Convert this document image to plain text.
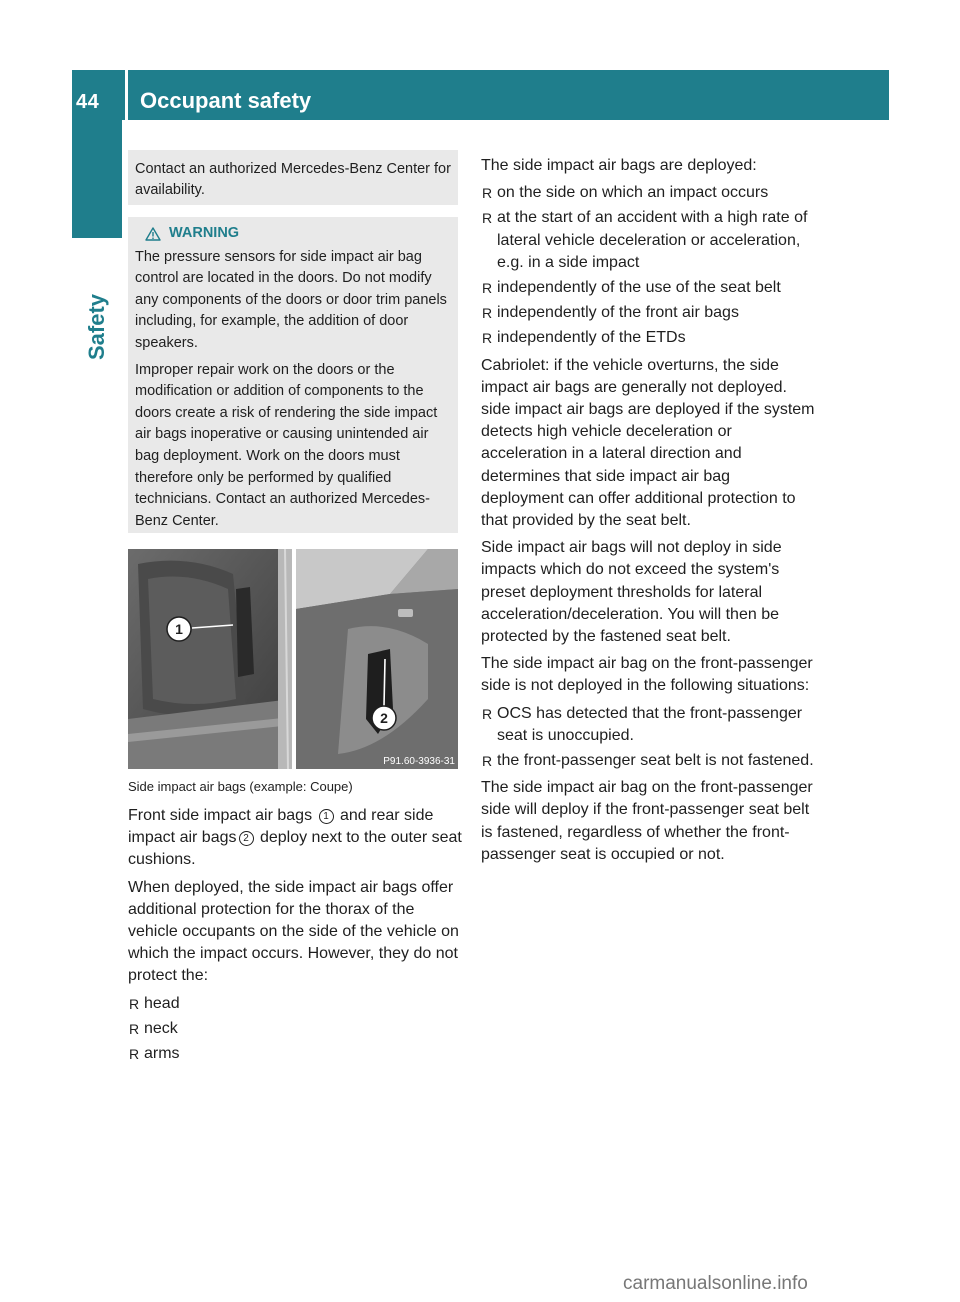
44	Occupant safety
Safety
Contact an authorized Mercedes-Benz Center for availability.
WARNING

The pressure sensors for side impact air bag control are located in the doors. Do not modify any components of the doors or door trim panels including, for example, the addition of door speakers.

Improper repair work on the doors or the modification or addition of components to the doors create a risk of rendering the side impact air bags inoperative or causing unintended air bag deployment. Work on the doors must therefore only be performed by qualified technicians. Contact an authorized Mercedes-Benz Center.

1
2
P91.60-3936-31
Side impact air bags (example: Coupe)

Front side impact air bags 1 and rear side impact air bags 2 deploy next to the outer seat cushions.

When deployed, the side impact air bags offer additional protection for the thorax of the vehicle occupants on the side of the vehicle on which the impact occurs. However, they do not protect the:

R head
R neck
R arms

The side impact air bags are deployed:

R on the side on which an impact occurs
R at the start of an accident with a high rate of lateral vehicle deceleration or acceleration, e.g. in a side impact
R independently of the use of the seat belt
R independently of the front air bags
R independently of the ETDs

Cabriolet: if the vehicle overturns, the side impact air bags are generally not deployed. side impact air bags are deployed if the system detects high vehicle deceleration or acceleration in a lateral direction and determines that side impact air bag deployment can offer additional protection to that provided by the seat belt.

Side impact air bags will not deploy in side impacts which do not exceed the system's preset deployment thresholds for lateral acceleration/deceleration. You will then be protected by the fastened seat belt.

The side impact air bag on the front-passenger side is not deployed in the following situations:

R OCS has detected that the front-passenger seat is unoccupied.
R the front-passenger seat belt is not fastened.

The side impact air bag on the front-passenger side will deploy if the front-passenger seat belt is fastened, regardless of whether the front-passenger seat is occupied or not.

carmanualsonline.info
